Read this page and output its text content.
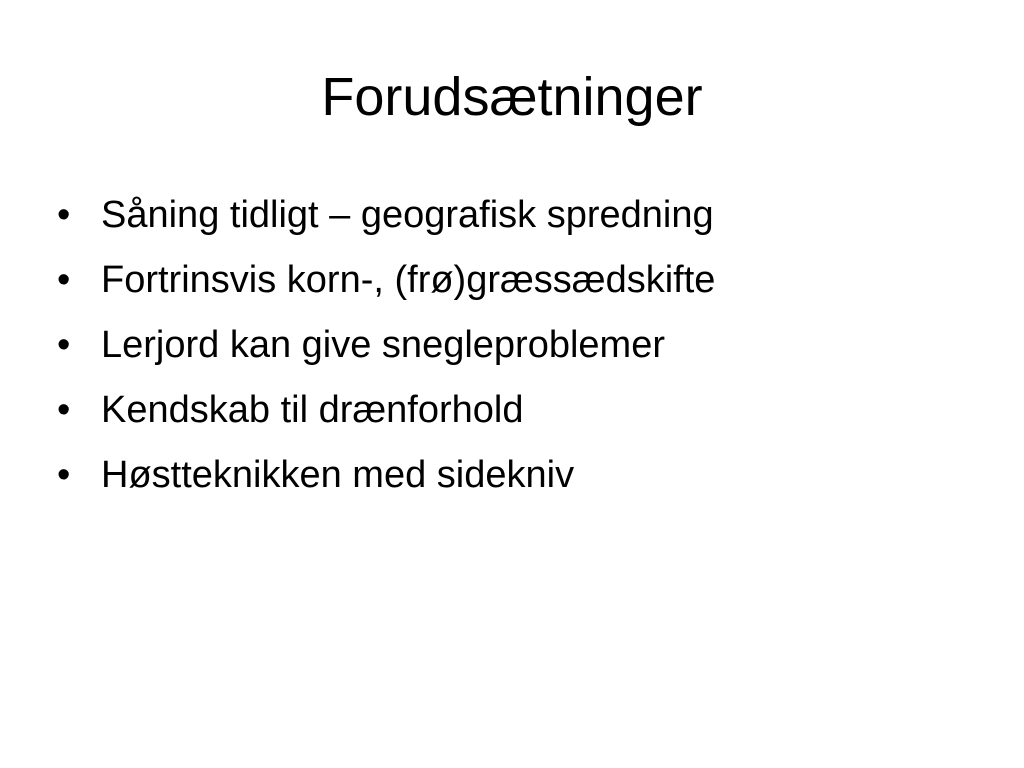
Forudsætninger
• Såning tidligt – geografisk spredning
• Fortrinsvis korn-, (frø)græssædskifte
• Lerjord kan give snegleproblemer
• Kendskab til drænforhold
• Høstteknikken med sidekniv
